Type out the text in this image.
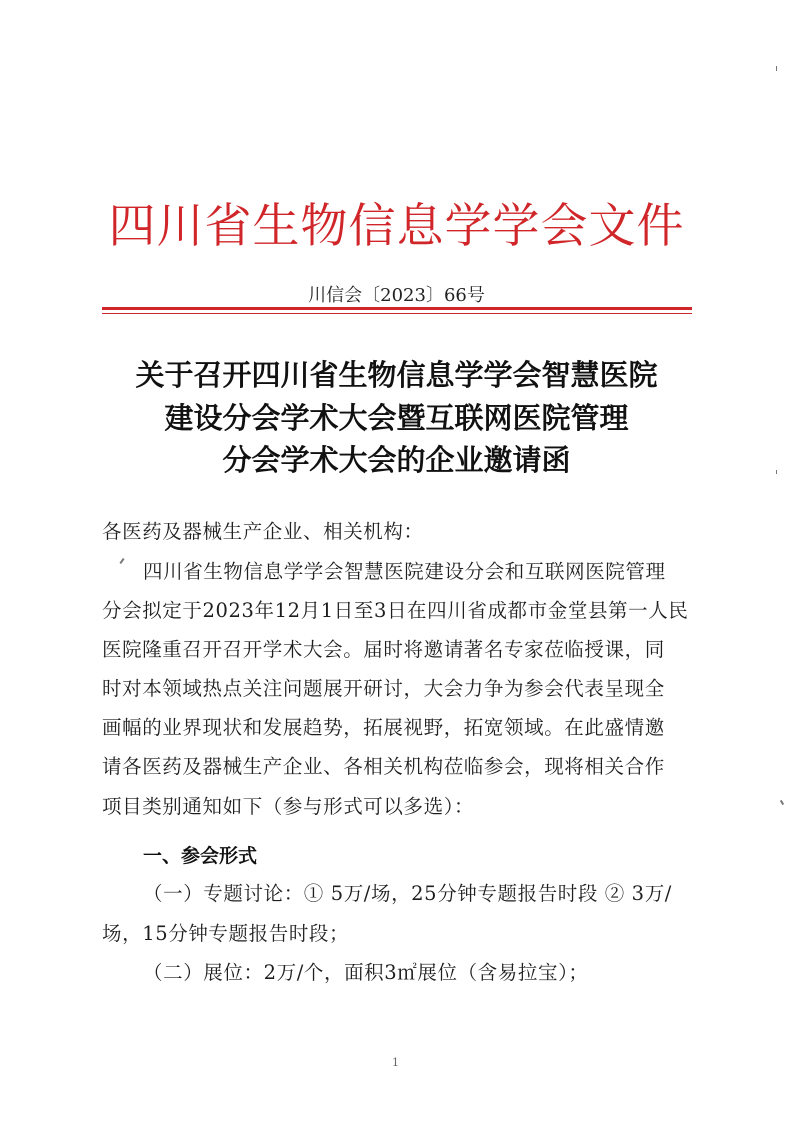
四川省生物信息学学会文件
川信会〔2023〕66号
关于召开四川省生物信息学学会智慧医院
建设分会学术大会暨互联网医院管理
分会学术大会的企业邀请函
各医药及器械生产企业、相关机构：
四川省生物信息学学会智慧医院建设分会和互联网医院管理
分会拟定于2023年12月1日至3日在四川省成都市金堂县第一人民
医院隆重召开召开学术大会。届时将邀请著名专家莅临授课，同
时对本领域热点关注问题展开研讨，大会力争为参会代表呈现全
画幅的业界现状和发展趋势，拓展视野，拓宽领域。在此盛情邀
请各医药及器械生产企业、各相关机构莅临参会，现将相关合作
项目类别通知如下（参与形式可以多选）：
一、参会形式
（一）专题讨论：① 5万/场，25分钟专题报告时段 ② 3万/
场，15分钟专题报告时段；
（二）展位：2万/个，面积3㎡展位（含易拉宝）；
1
